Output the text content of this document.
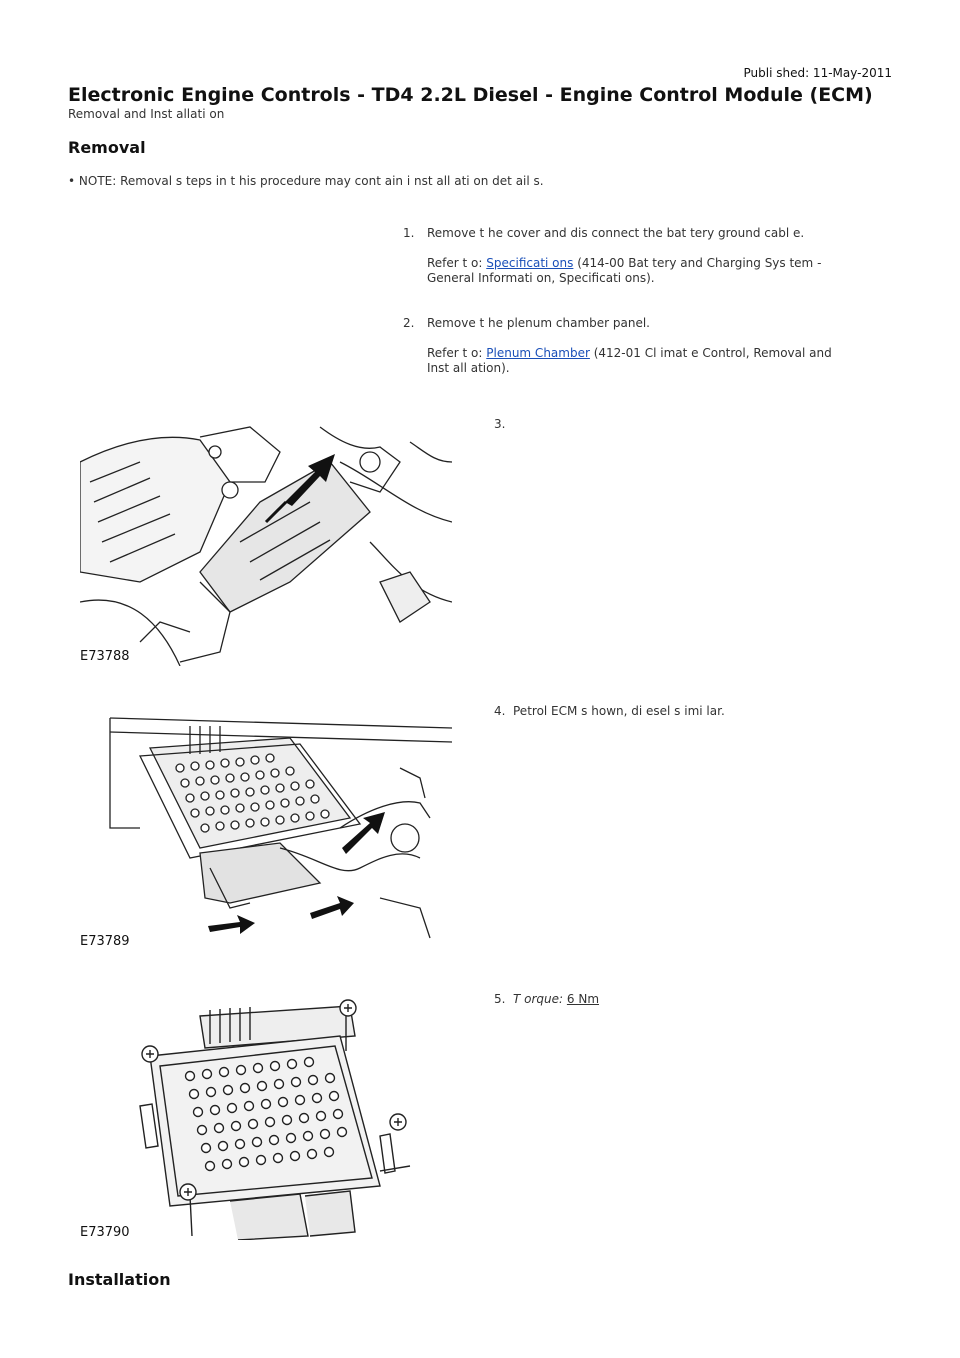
Publi shed: 11-May-2011
Electronic Engine Controls - TD4 2.2L Diesel - Engine Control Module (ECM)
Removal and Inst allati on
Removal
• NOTE: Removal s teps in t his procedure may cont ain i nst all ati on det ail s.
1. Remove t he cover and dis connect the bat tery ground cabl e.
Refer t o: Specificati ons (414-00 Bat tery and Charging Sys tem -
General Informati on, Specificati ons).
2. Remove t he plenum chamber panel.
Refer t o: Plenum Chamber (412-01 Cl imat e Control, Removal and
Inst all ation).
3.
E73788
4. Petrol ECM s hown, di esel s imi lar.
E73789
5. T orque: 6 Nm
E73790
Installation
